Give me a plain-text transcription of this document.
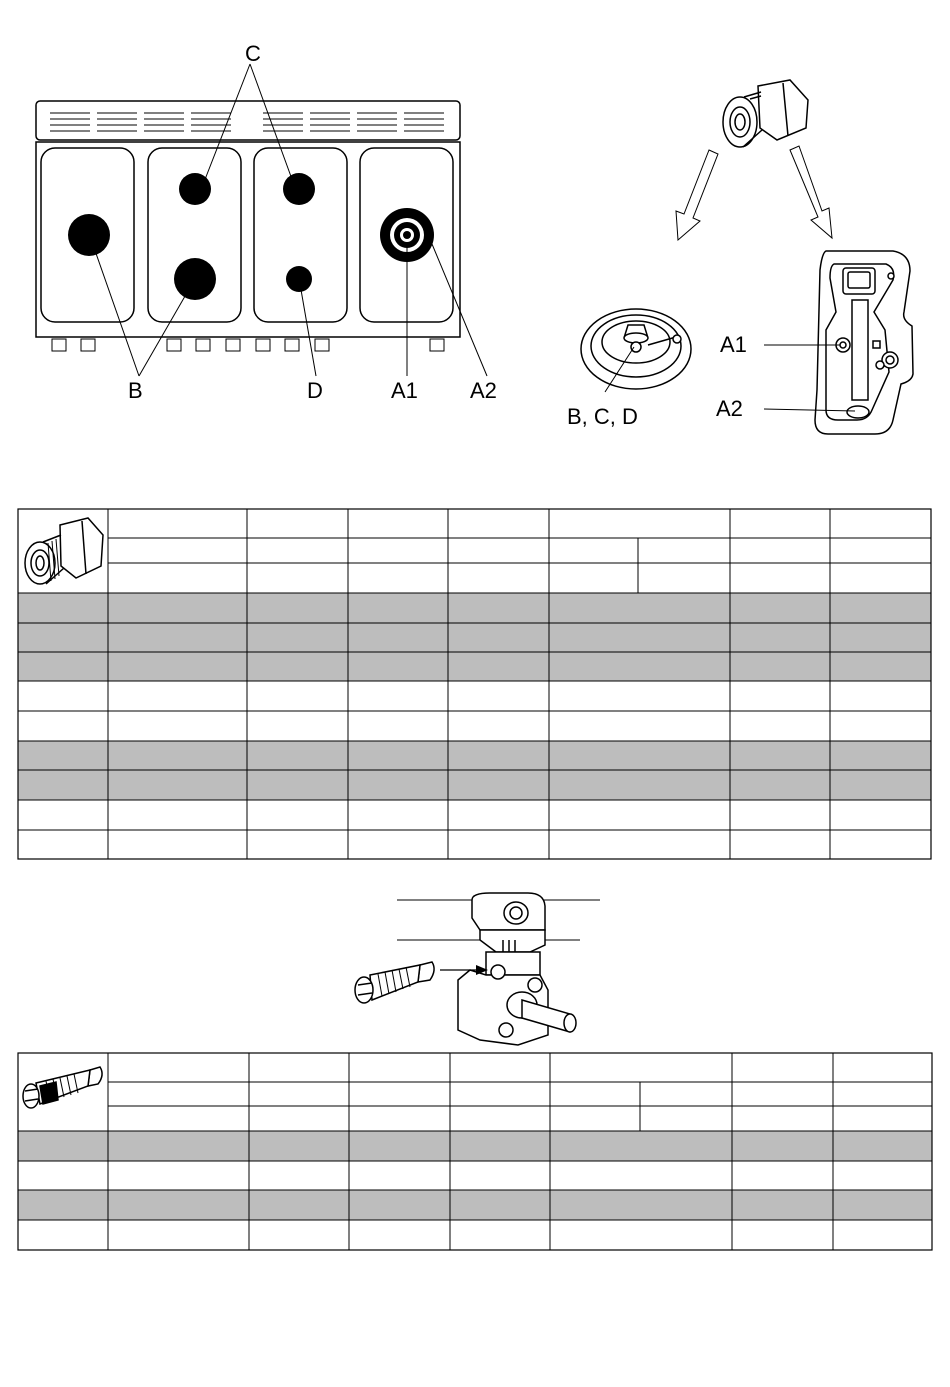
C
B	D	A1 A2
B, C, D
A1
A2
